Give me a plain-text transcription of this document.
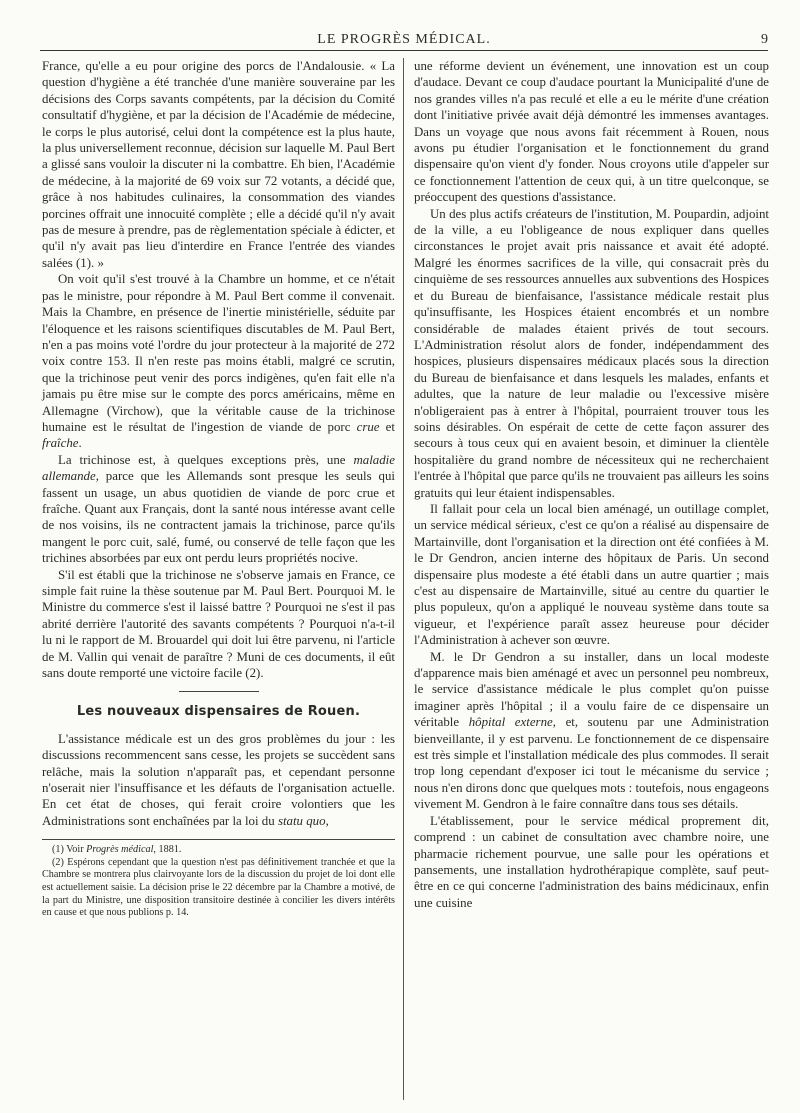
LE PROGRÈS MÉDICAL.	9

France, qu'elle a eu pour origine des porcs de l'Andalousie. « La question d'hygiène a été tranchée d'une manière souveraine par les décisions des Corps savants compétents, par la décision du Comité consultatif d'hygiène, et par la décision de l'Académie de médecine, le corps le plus autorisé, celui dont la compétence est la plus haute, la plus universellement reconnue, décision sur laquelle M. Paul Bert a glissé sans vouloir la discuter ni la combattre. Eh bien, l'Académie de médecine, à la majorité de 69 voix sur 72 votants, a décidé que, grâce à nos habitudes culinaires, la consommation des viandes porcines offrait une innocuité complète ; elle a décidé qu'il n'y avait pas de mesure à prendre, pas de règlementation spéciale à édicter, et qu'il n'y avait pas lieu d'interdire en France l'entrée des viandes salées (1). »

On voit qu'il s'est trouvé à la Chambre un homme, et ce n'était pas le ministre, pour répondre à M. Paul Bert comme il convenait. Mais la Chambre, en présence de l'inertie ministérielle, séduite par l'éloquence et les raisons scientifiques discutables de M. Paul Bert, n'en a pas moins voté l'ordre du jour protecteur à la majorité de 272 voix contre 153. Il n'en reste pas moins établi, malgré ce scrutin, que la trichinose peut venir des porcs indigènes, qu'en fait elle n'a jamais pu être mise sur le compte des porcs américains, même en Allemagne (Virchow), que la véritable cause de la trichinose humaine est le résultat de l'ingestion de viande de porc crue et fraîche.

La trichinose est, à quelques exceptions près, une maladie allemande, parce que les Allemands sont presque les seuls qui fassent un usage, un abus quotidien de viande de porc crue et fraîche. Quant aux Français, dont la santé nous intéresse avant celle de nos voisins, ils ne contractent jamais la trichinose, parce qu'ils mangent le porc cuit, salé, fumé, ou conservé de telle façon que les trichines absorbées par eux ont perdu leurs propriétés nocive.

S'il est établi que la trichinose ne s'observe jamais en France, ce simple fait ruine la thèse soutenue par M. Paul Bert. Pourquoi M. le Ministre du commerce s'est il laissé battre ? Pourquoi ne s'est il pas abrité derrière l'autorité des savants compétents ? Pourquoi n'a-t-il lu ni le rapport de M. Brouardel qui doit lui être parvenu, ni l'article de M. Vallin qui venait de paraître ? Muni de ces documents, il eût sans doute remporté une victoire facile (2).

Les nouveaux dispensaires de Rouen.

L'assistance médicale est un des gros problèmes du jour : les discussions recommencent sans cesse, les projets se succèdent sans relâche, mais la solution n'apparaît pas, et cependant personne n'oserait nier l'insuffisance et les défauts de l'organisation actuelle. En cet état de choses, qui ferait croire volontiers que les Administrations sont enchaînées par la loi du statu quo,

(1) Voir Progrès médical, 1881.

(2) Espérons cependant que la question n'est pas définitivement tranchée et que la Chambre se montrera plus clairvoyante lors de la discussion du projet de loi dont elle est actuellement saisie. La décision prise le 22 décembre par la Chambre a motivé, de la part du Ministre, une disposition transitoire destinée à concilier les divers intérêts en cause et que nous publions p. 14.

une réforme devient un événement, une innovation est un coup d'audace. Devant ce coup d'audace pourtant la Municipalité d'une de nos grandes villes n'a pas reculé et elle a eu le mérite d'une création dont l'initiative privée avait déjà démontré les immenses avantages. Dans un voyage que nous avons fait récemment à Rouen, nous avons pu étudier l'organisation et le fonctionnement du grand dispensaire qu'on vient d'y fonder. Nous croyons utile d'appeler sur ce fonctionnement l'attention de ceux qui, à un titre quelconque, se préoccupent des questions d'assistance.

Un des plus actifs créateurs de l'institution, M. Poupardin, adjoint de la ville, a eu l'obligeance de nous expliquer dans quelles circonstances le projet avait pris naissance et avait été adopté. Malgré les énormes sacrifices de la ville, qui consacrait près du cinquième de ses ressources annuelles aux subventions des Hospices et du Bureau de bienfaisance, l'assistance médicale restait plus qu'insuffisante, les Hospices étaient encombrés et un nombre considérable de malades étaient privés de tout secours. L'Administration résolut alors de fonder, indépendamment des hospices, plusieurs dispensaires médicaux placés sous la direction du Bureau de bienfaisance et dans lesquels les malades, enfants et adultes, que la nature de leur maladie ou l'excessive misère n'obligeraient pas à entrer à l'hôpital, pourraient trouver tous les soins désirables. On espérait de cette de cette façon assurer des secours à tous ceux qui en avaient besoin, et diminuer la clientèle hospitalière du grand nombre de nécessiteux qui ne recherchaient l'entrée à l'hôpital que parce qu'ils ne trouvaient pas ailleurs les soins gratuits qui leur étaient indispensables.

Il fallait pour cela un local bien aménagé, un outillage complet, un service médical sérieux, c'est ce qu'on a réalisé au dispensaire de Martainville, dont l'organisation et la direction ont été confiées à M. le Dr Gendron, ancien interne des hôpitaux de Paris. Un second dispensaire plus modeste a été établi dans un autre quartier ; mais c'est au dispensaire de Martainville, situé au centre du quartier le plus populeux, qu'on a appliqué le nouveau système dans toute sa vigueur, et l'expérience paraît assez heureuse pour décider l'Administration à achever son œuvre.

M. le Dr Gendron a su installer, dans un local modeste d'apparence mais bien aménagé et avec un personnel peu nombreux, le service d'assistance médicale le plus complet qu'on puisse imaginer après l'hôpital ; il a voulu faire de ce dispensaire un véritable hôpital externe, et, soutenu par une Administration bienveillante, il y est parvenu. Le fonctionnement de ce dispensaire est très simple et l'installation médicale des plus commodes. Il serait trop long cependant d'exposer ici tout le mécanisme du service ; nous n'en dirons donc que quelques mots : toutefois, nous engageons vivement M. Gendron à le faire connaître dans tous ses détails.

L'établissement, pour le service médical proprement dit, comprend : un cabinet de consultation avec chambre noire, une pharmacie richement pourvue, une salle pour les opérations et pansements, une installation hydrothérapique complète, sauf peut-être en ce qui concerne l'administration des bains médicinaux, enfin une cuisine
